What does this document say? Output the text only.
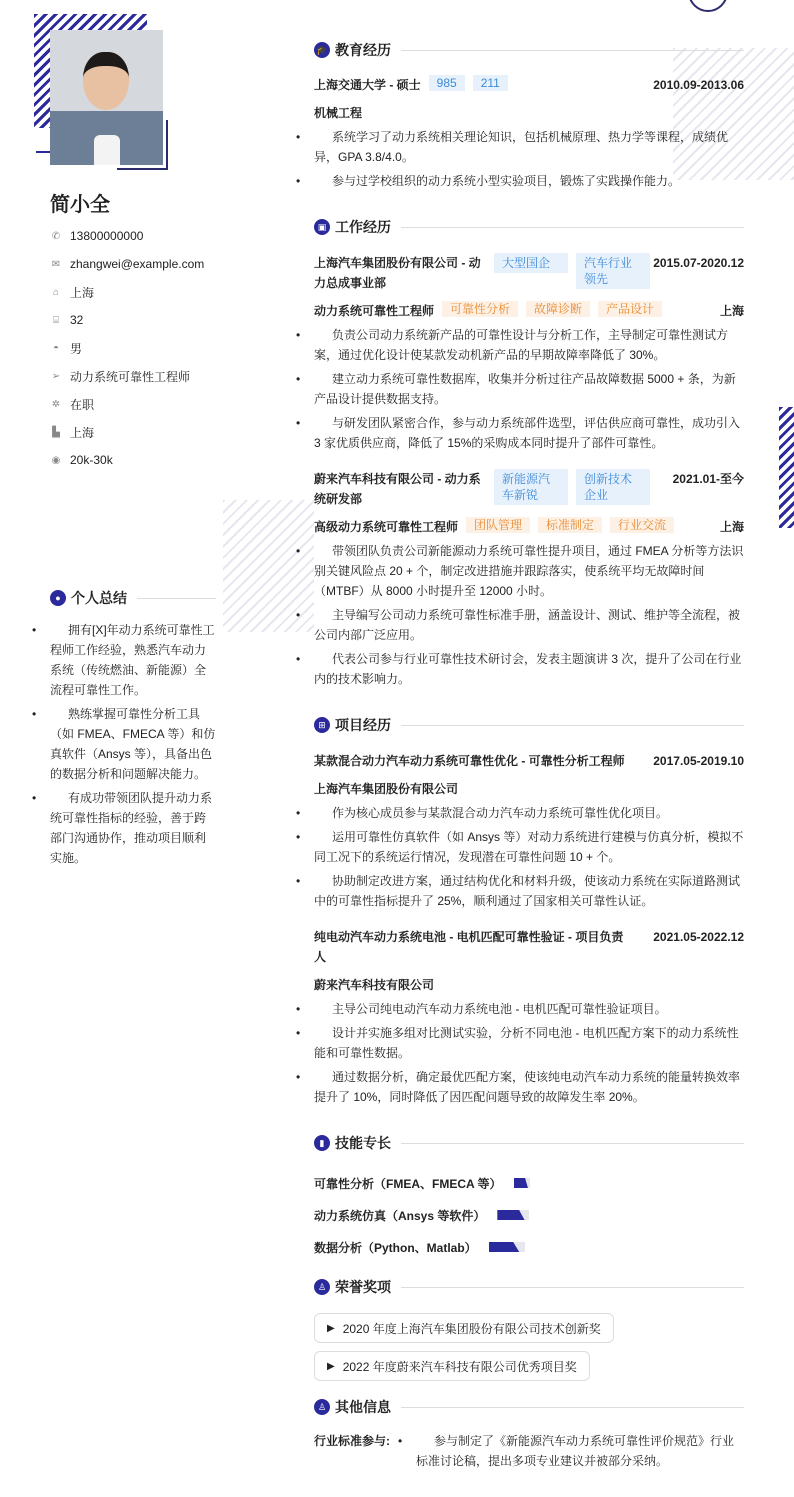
简小全
✆ 13800000000
✉ zhangwei@example.com
⌂ 上海
⌸ 32
◓ 男
➢ 动力系统可靠性工程师
✲ 在职
▙ 上海
◉ 20k-30k
● 个人总结
• 拥有[X]年动力系统可靠性工程师工作经验，熟悉汽车动力系统（传统燃油、新能源）全流程可靠性工作。
• 熟练掌握可靠性分析工具（如 FMEA、FMECA 等）和仿真软件（Ansys 等），具备出色的数据分析和问题解决能力。
• 有成功带领团队提升动力系统可靠性指标的经验，善于跨部门沟通协作，推动项目顺利实施。
🎓 教育经历
上海交通大学 - 硕士	985	211	2010.09-2013.06
机械工程
• 系统学习了动力系统相关理论知识，包括机械原理、热力学等课程，成绩优异，GPA 3.8/4.0。
• 参与过学校组织的动力系统小型实验项目，锻炼了实践操作能力。
▣ 工作经历
上海汽车集团股份有限公司 - 动力总成事业部
大型国企	汽车行业领先
2015.07-2020.12
动力系统可靠性工程师	可靠性分析	故障诊断	产品设计	上海
• 负责公司动力系统新产品的可靠性设计与分析工作，主导制定可靠性测试方案，通过优化设计使某款发动机新产品的早期故障率降低了 30%。
• 建立动力系统可靠性数据库，收集并分析过往产品故障数据 5000 + 条，为新产品设计提供数据支持。
• 与研发团队紧密合作，参与动力系统部件选型，评估供应商可靠性，成功引入 3 家优质供应商，降低了 15%的采购成本同时提升了部件可靠性。
蔚来汽车科技有限公司 - 动力系统研发部
新能源汽车新锐
创新技术企业
2021.01-至今
高级动力系统可靠性工程师	团队管理	标准制定	行业交流	上海
• 带领团队负责公司新能源动力系统可靠性提升项目，通过 FMEA 分析等方法识别关键风险点 20 + 个，制定改进措施并跟踪落实，使系统平均无故障时间（MTBF）从 8000 小时提升至 12000 小时。
• 主导编写公司动力系统可靠性标准手册，涵盖设计、测试、维护等全流程，被公司内部广泛应用。
• 代表公司参与行业可靠性技术研讨会，发表主题演讲 3 次，提升了公司在行业内的技术影响力。
⊞ 项目经历
某款混合动力汽车动力系统可靠性优化 - 可靠性分析工程师	2017.05-2019.10
上海汽车集团股份有限公司
• 作为核心成员参与某款混合动力汽车动力系统可靠性优化项目。
• 运用可靠性仿真软件（如 Ansys 等）对动力系统进行建模与仿真分析，模拟不同工况下的系统运行情况，发现潜在可靠性问题 10 + 个。
• 协助制定改进方案，通过结构优化和材料升级，使该动力系统在实际道路测试中的可靠性指标提升了 25%，顺利通过了国家相关可靠性认证。
纯电动汽车动力系统电池 - 电机匹配可靠性验证 - 项目负责人
2021.05-2022.12
蔚来汽车科技有限公司
• 主导公司纯电动汽车动力系统电池 - 电机匹配可靠性验证项目。
• 设计并实施多组对比测试实验，分析不同电池 - 电机匹配方案下的动力系统性能和可靠性数据。
• 通过数据分析，确定最优匹配方案，使该纯电动汽车动力系统的能量转换效率提升了 10%，同时降低了因匹配问题导致的故障发生率 20%。
▮ 技能专长
可靠性分析（FMEA、FMECA 等）
动力系统仿真（Ansys 等软件）
数据分析（Python、Matlab）
♙ 荣誉奖项
▶ 2020 年度上海汽车集团股份有限公司技术创新奖
▶ 2022 年度蔚来汽车科技有限公司优秀项目奖
♙ 其他信息
行业标准参与:	• 参与制定了《新能源汽车动力系统可靠性评价规范》行业标准讨论稿，提出多项专业建议并被部分采纳。
